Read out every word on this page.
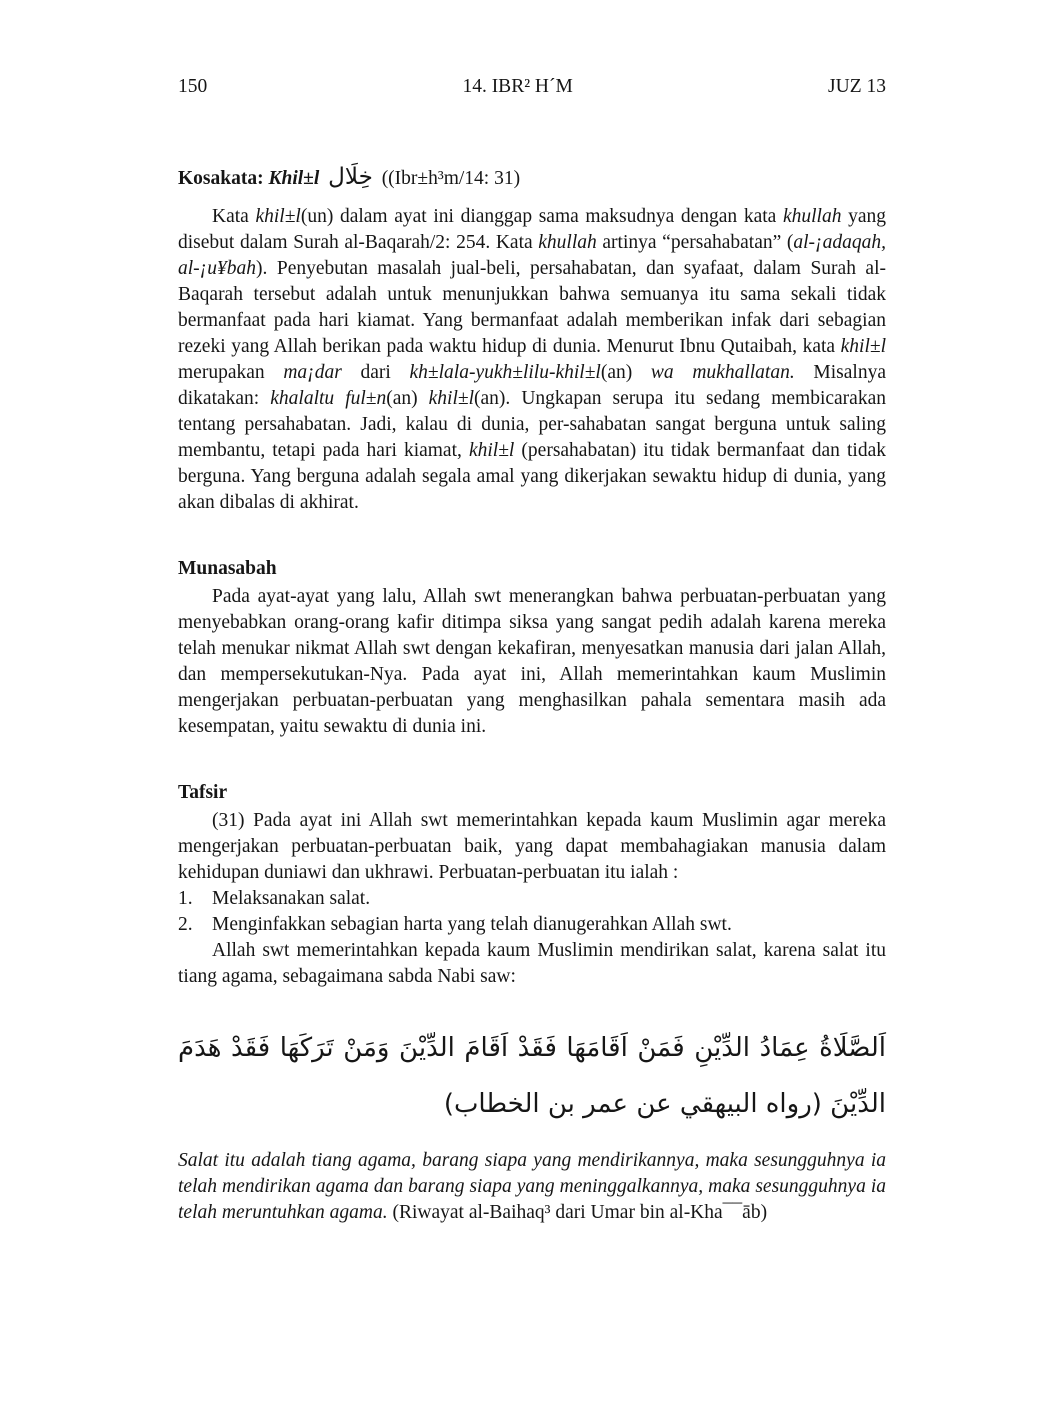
150	14. IBR² H´M	JUZ 13

Kosakata: Khil±l خِلَال ((Ibr±h³m/14: 31)

Kata khil±l(un) dalam ayat ini dianggap sama maksudnya dengan kata khullah yang disebut dalam Surah al-Baqarah/2: 254. Kata khullah artinya “persahabatan” (al-¡adaqah, al-¡u¥bah). Penyebutan masalah jual-beli, persahabatan, dan syafaat, dalam Surah al-Baqarah tersebut adalah untuk menunjukkan bahwa semuanya itu sama sekali tidak bermanfaat pada hari kiamat. Yang bermanfaat adalah memberikan infak dari sebagian rezeki yang Allah berikan pada waktu hidup di dunia. Menurut Ibnu Qutaibah, kata khil±l merupakan ma¡dar dari kh±lala-yukh±lilu-khil±l(an) wa mukhallatan. Misalnya dikatakan: khalaltu ful±n(an) khil±l(an). Ungkapan serupa itu sedang membicarakan tentang persahabatan. Jadi, kalau di dunia, per-sahabatan sangat berguna untuk saling membantu, tetapi pada hari kiamat, khil±l (persahabatan) itu tidak bermanfaat dan tidak berguna. Yang berguna adalah segala amal yang dikerjakan sewaktu hidup di dunia, yang akan dibalas di akhirat.

Munasabah

Pada ayat-ayat yang lalu, Allah swt menerangkan bahwa perbuatan-perbuatan yang menyebabkan orang-orang kafir ditimpa siksa yang sangat pedih adalah karena mereka telah menukar nikmat Allah swt dengan kekafiran, menyesatkan manusia dari jalan Allah, dan mempersekutukan-Nya. Pada ayat ini, Allah memerintahkan kaum Muslimin mengerjakan perbuatan-perbuatan yang menghasilkan pahala sementara masih ada kesempatan, yaitu sewaktu di dunia ini.

Tafsir

(31) Pada ayat ini Allah swt memerintahkan kepada kaum Muslimin agar mereka mengerjakan perbuatan-perbuatan baik, yang dapat membahagiakan manusia dalam kehidupan duniawi dan ukhrawi. Perbuatan-perbuatan itu ialah :

1. Melaksanakan salat.
2. Menginfakkan sebagian harta yang telah dianugerahkan Allah swt.

Allah swt memerintahkan kepada kaum Muslimin mendirikan salat, karena salat itu tiang agama, sebagaimana sabda Nabi saw:

اَلصَّلَاةُ عِمَادُ الدِّيْنِ فَمَنْ اَقَامَهَا فَقَدْ اَقَامَ الدِّيْنَ وَمَنْ تَرَكَهَا فَقَدْ هَدَمَ الدِّيْنَ (رواه البيهقي عن عمر بن الخطاب)

Salat itu adalah tiang agama, barang siapa yang mendirikannya, maka sesungguhnya ia telah mendirikan agama dan barang siapa yang meninggalkannya, maka sesungguhnya ia telah meruntuhkan agama. (Riwayat al-Baihaq³ dari Umar bin al-Kha¯¯āb)
